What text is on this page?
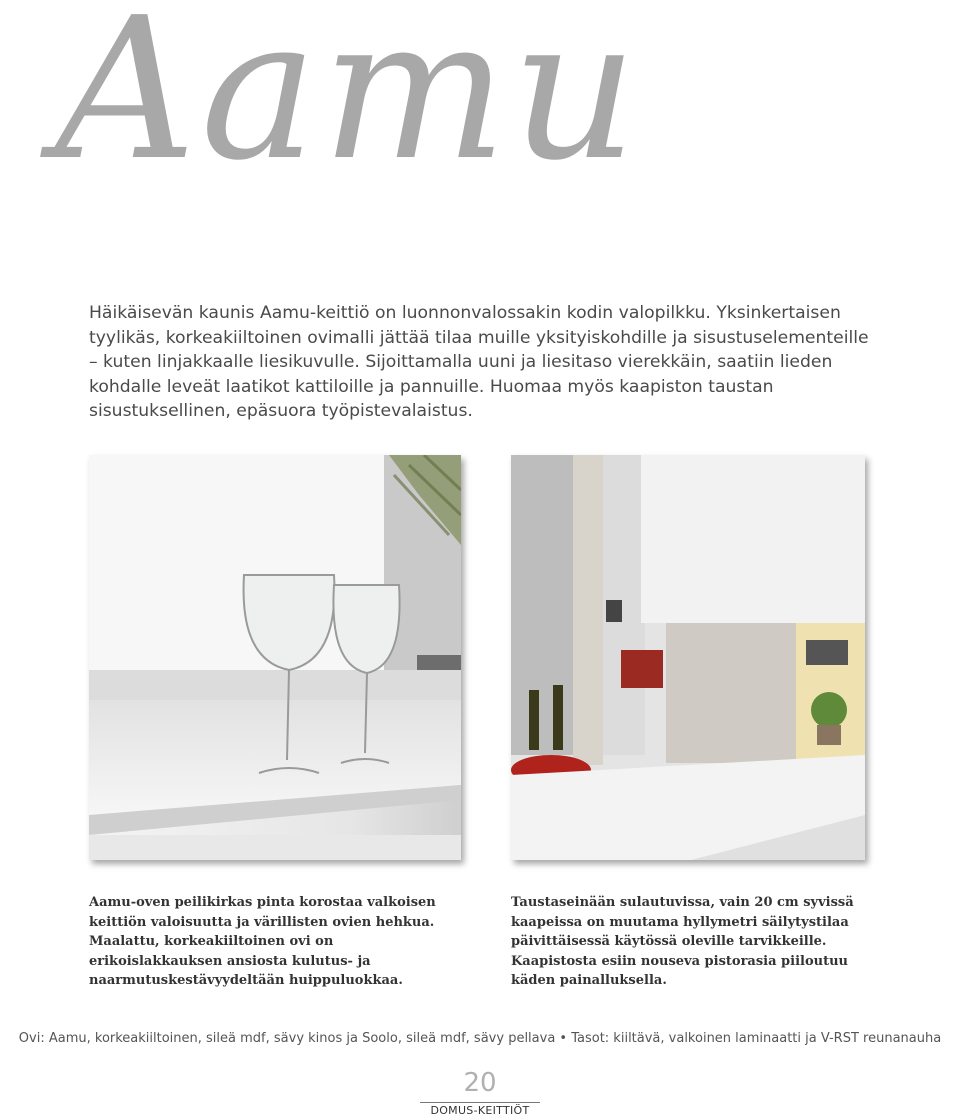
Aamu
Häikäisevän kaunis Aamu-keittiö on luonnonvalossakin kodin valopilkku. Yksinkertaisen tyylikäs, korkeakiiltoinen ovimalli jättää tilaa muille yksityiskohdille ja sisustuselementeille – kuten linjakkaalle liesikuvulle. Sijoittamalla uuni ja liesitaso vierekkäin, saatiin lieden kohdalle leveät laatikot kattiloille ja pannuille. Huomaa myös kaapiston taustan sisustuksellinen, epäsuora työpistevalaistus.
Aamu-oven peilikirkas pinta korostaa valkoisen keittiön valoisuutta ja värillisten ovien hehkua. Maalattu, korkeakiiltoinen ovi on erikoislakkauksen ansiosta kulutus- ja naarmutuskestävyydeltään huippuluokkaa.
Taustaseinään sulautuvissa, vain 20 cm syvissä kaapeissa on muutama hyllymetri säilytystilaa päivittäisessä käytössä oleville tarvikkeille. Kaapistosta esiin nouseva pistorasia piiloutuu käden painalluksella.
Ovi: Aamu, korkeakiiltoinen, sileä mdf, sävy kinos ja Soolo, sileä mdf, sävy pellava • Tasot: kiiltävä, valkoinen laminaatti ja V-RST reunanauha
20
DOMUS-KEITTIÖT
